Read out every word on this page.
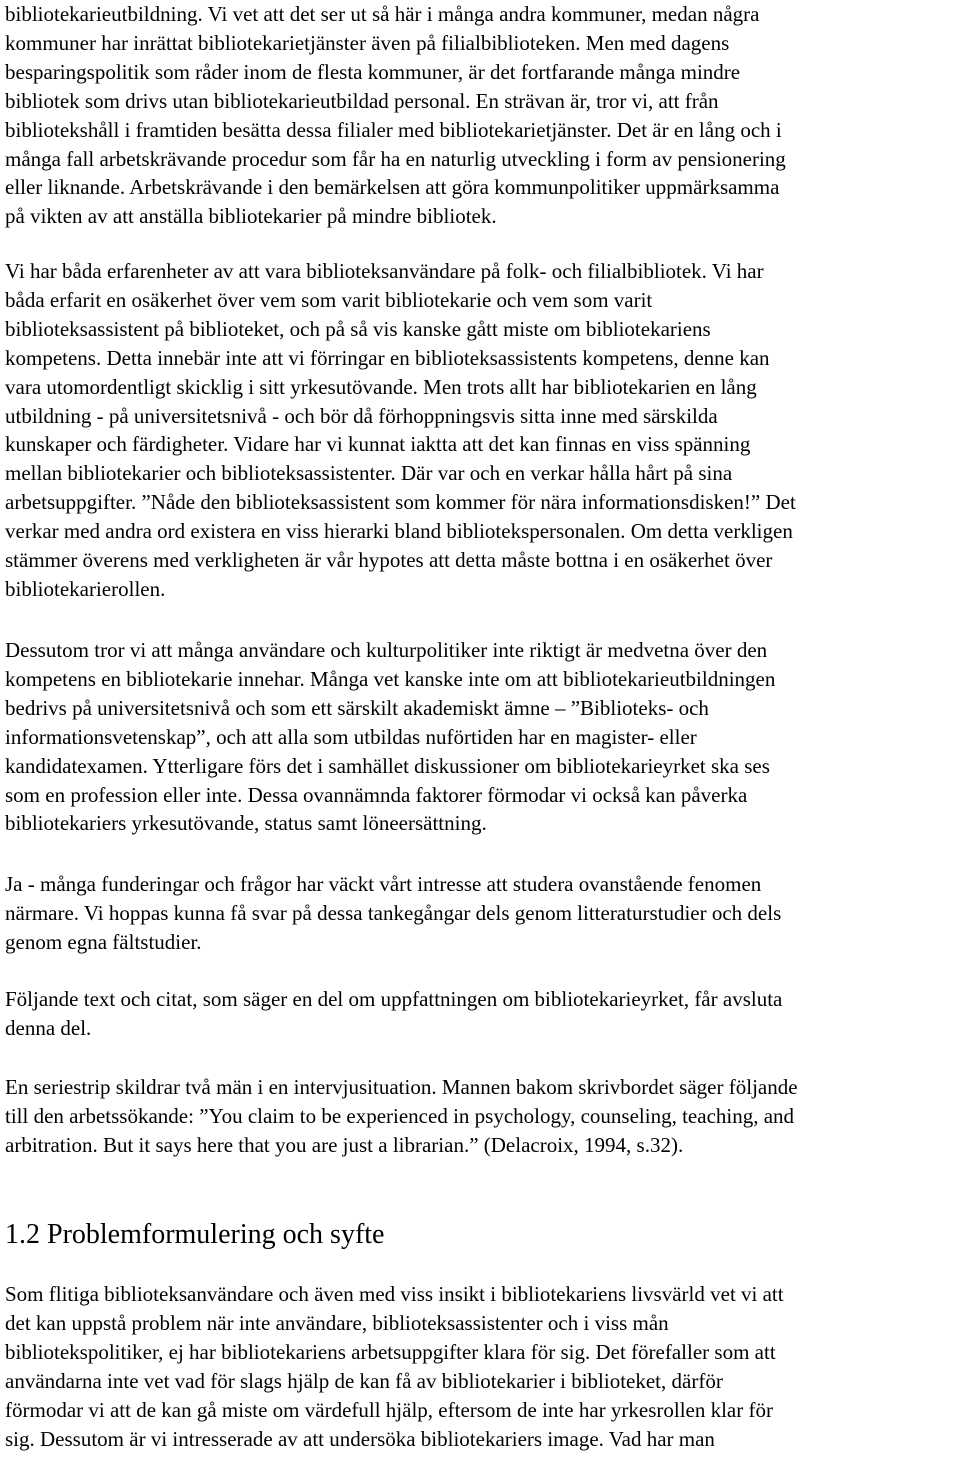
bibliotekarieutbildning. Vi vet att det ser ut så här i många andra kommuner, medan några
kommuner har inrättat bibliotekarietjänster även på filialbiblioteken. Men med dagens
besparingspolitik som råder inom de flesta kommuner, är det fortfarande många mindre
bibliotek som drivs utan bibliotekarieutbildad personal. En strävan är, tror vi, att från
bibliotekshåll i framtiden besätta dessa filialer med bibliotekarietjänster. Det är en lång och i
många fall arbetskrävande procedur som får ha en naturlig utveckling i form av pensionering
eller liknande. Arbetskrävande i den bemärkelsen att göra kommunpolitiker uppmärksamma
på vikten av att anställa bibliotekarier på mindre bibliotek.

Vi har båda erfarenheter av att vara biblioteksanvändare på folk- och filialbibliotek. Vi har
båda erfarit en osäkerhet över vem som varit bibliotekarie och vem som varit
biblioteksassistent på biblioteket, och på så vis kanske gått miste om bibliotekariens
kompetens. Detta innebär inte att vi förringar en biblioteksassistents kompetens, denne kan
vara utomordentligt skicklig i sitt yrkesutövande. Men trots allt har bibliotekarien en lång
utbildning - på universitetsnivå - och bör då förhoppningsvis sitta inne med särskilda
kunskaper och färdigheter. Vidare har vi kunnat iaktta att det kan finnas en viss spänning
mellan bibliotekarier och biblioteksassistenter. Där var och en verkar hålla hårt på sina
arbetsuppgifter. ”Nåde den biblioteksassistent som kommer för nära informationsdisken!” Det
verkar med andra ord existera en viss hierarki bland bibliotekspersonalen. Om detta verkligen
stämmer överens med verkligheten är vår hypotes att detta måste bottna i en osäkerhet över
bibliotekarierollen.

Dessutom tror vi att många användare och kulturpolitiker inte riktigt är medvetna över den
kompetens en bibliotekarie innehar. Många vet kanske inte om att bibliotekarieutbildningen
bedrivs på universitetsnivå och som ett särskilt akademiskt ämne – ”Biblioteks- och
informationsvetenskap”, och att alla som utbildas nuförtiden har en magister- eller
kandidatexamen. Ytterligare förs det i samhället diskussioner om bibliotekarieyrket ska ses
som en profession eller inte. Dessa ovannämnda faktorer förmodar vi också kan påverka
bibliotekariers yrkesutövande, status samt löneersättning.

Ja - många funderingar och frågor har väckt vårt intresse att studera ovanstående fenomen
närmare. Vi hoppas kunna få svar på dessa tankegångar dels genom litteraturstudier och dels
genom egna fältstudier.

Följande text och citat, som säger en del om uppfattningen om bibliotekarieyrket, får avsluta
denna del.

En seriestrip skildrar två män i en intervjusituation. Mannen bakom skrivbordet säger följande
till den arbetssökande: ”You claim to be experienced in psychology, counseling, teaching, and
arbitration. But it says here that you are just a librarian.” (Delacroix, 1994, s.32).

1.2 Problemformulering och syfte

Som flitiga biblioteksanvändare och även med viss insikt i bibliotekariens livsvärld vet vi att
det kan uppstå problem när inte användare, biblioteksassistenter och i viss mån
bibliotekspolitiker, ej har bibliotekariens arbetsuppgifter klara för sig. Det förefaller som att
användarna inte vet vad för slags hjälp de kan få av bibliotekarier i biblioteket, därför
förmodar vi att de kan gå miste om värdefull hjälp, eftersom de inte har yrkesrollen klar för
sig. Dessutom är vi intresserade av att undersöka bibliotekariers image. Vad har man
